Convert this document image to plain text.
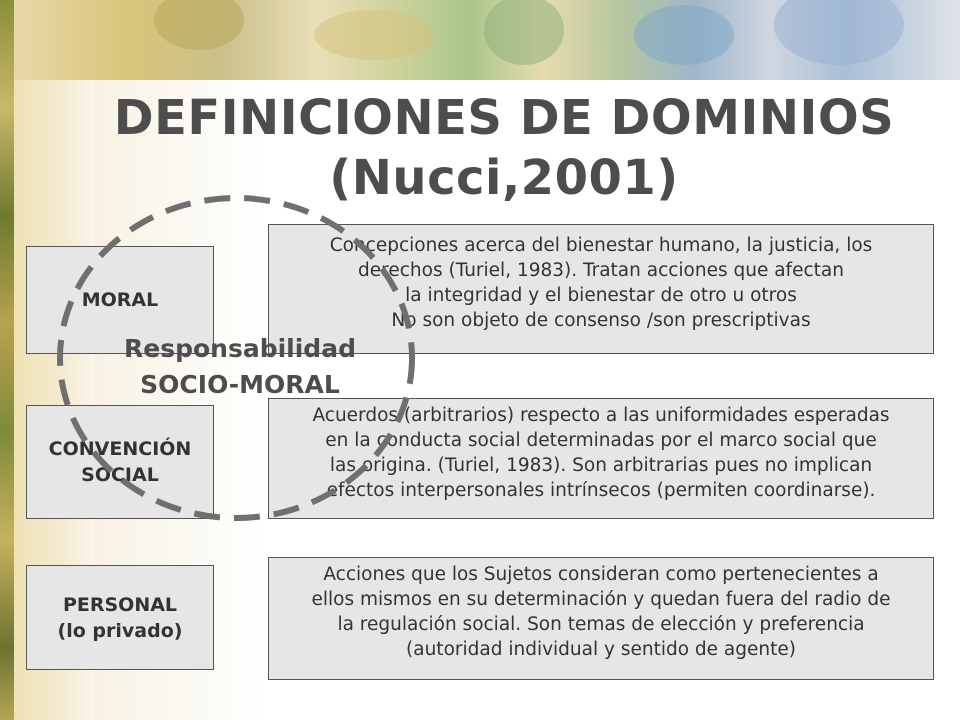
DEFINICIONES DE DOMINIOS
(Nucci,2001)
MORAL
Concepciones acerca del bienestar humano, la justicia, los
derechos (Turiel, 1983). Tratan acciones que afectan
la integridad y el bienestar de otro u otros
No son objeto de consenso /son prescriptivas
CONVENCIÓN
SOCIAL
Acuerdos (arbitrarios) respecto a las uniformidades esperadas
en la conducta social determinadas por el marco social que
las origina. (Turiel, 1983). Son arbitrarias pues no implican
efectos interpersonales intrínsecos (permiten coordinarse).
PERSONAL
(lo privado)
Acciones que los Sujetos consideran como pertenecientes a
ellos mismos en su determinación y quedan fuera del radio de
la regulación social. Son temas de elección y preferencia
(autoridad individual y sentido de agente)
Responsabilidad
SOCIO-MORAL
